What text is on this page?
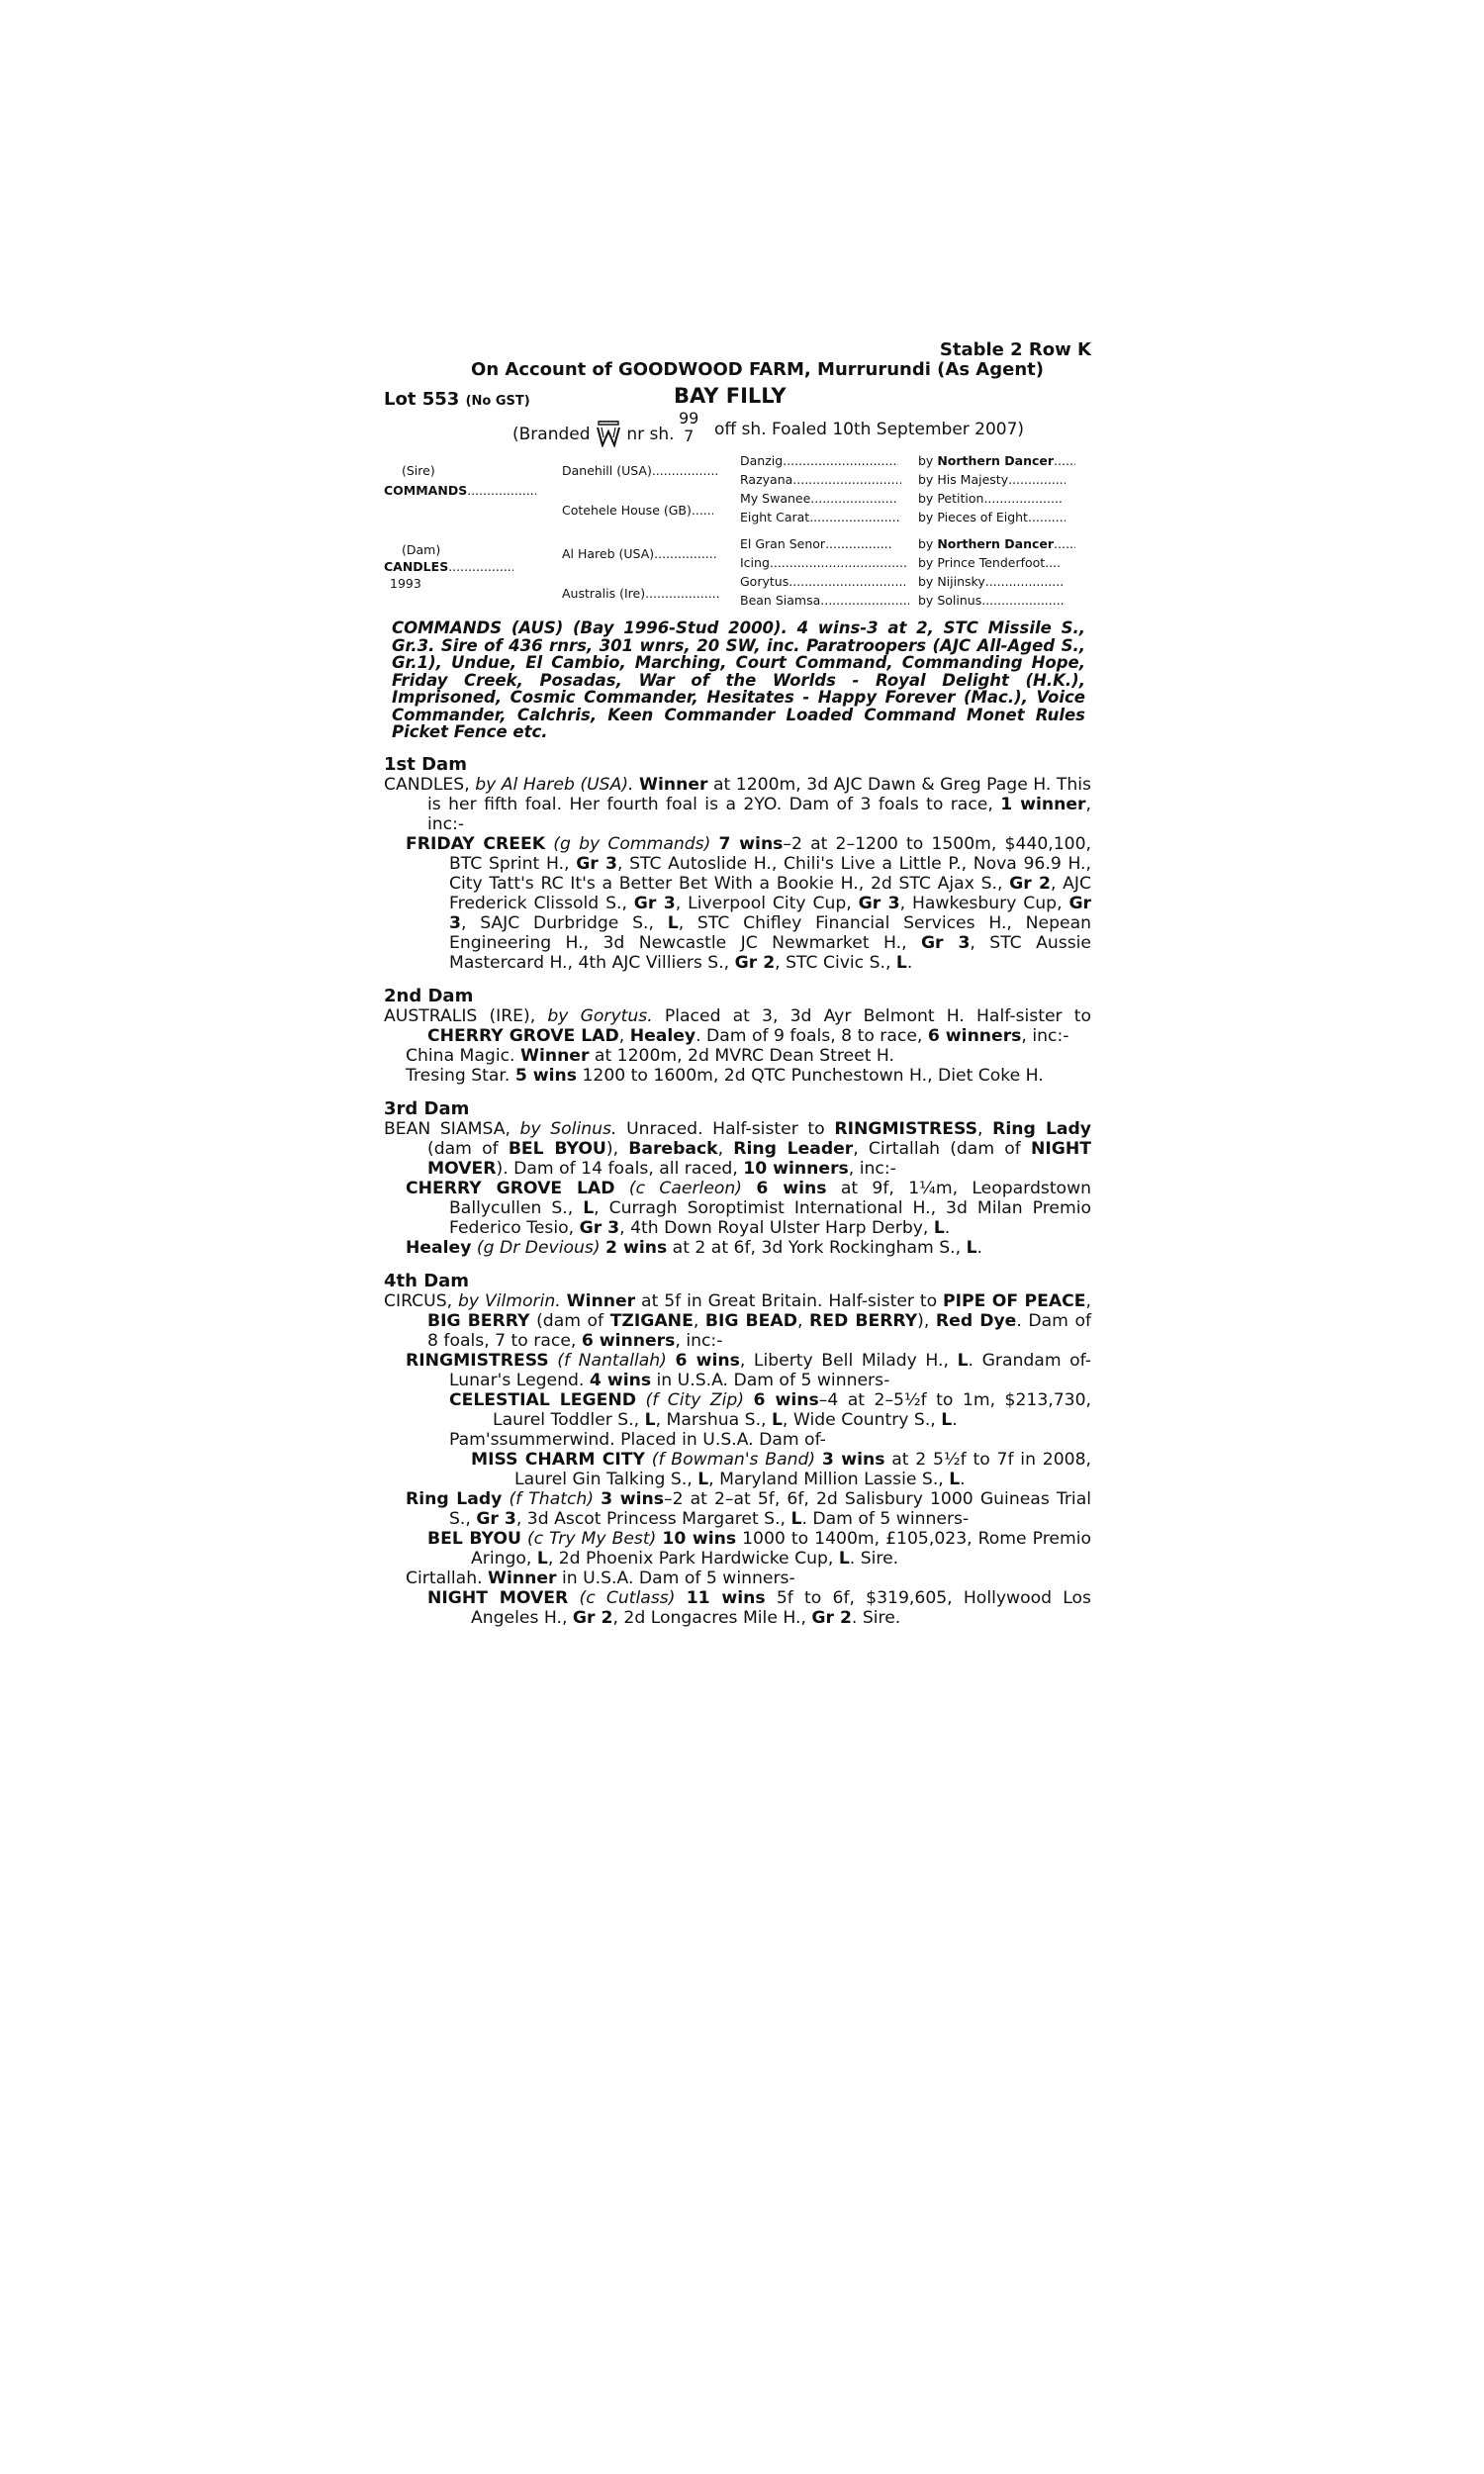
Stable 2 Row K
On Account of GOODWOOD FARM, Murrurundi (As Agent)
Lot 553 (No GST)	BAY FILLY
(Branded nr sh.
99
7 off sh. Foaled 10th September 2007)
(Sire)
COMMANDS.....
(Dam)
CANDLES.....
1993
Danehill (USA).....
Cotehele House (GB).....
Al Hareb (USA).....
Australis (Ire).....
Danzig.....
Razyana.....
My Swanee.....
Eight Carat.....
El Gran Senor.....
Icing.....
Gorytus.....
Bean Siamsa.....
by Northern Dancer.....
by His Majesty.....
by Petition.....
by Pieces of Eight.....
by Northern Dancer.....
by Prince Tenderfoot.....
by Nijinsky.....
by Solinus.....
COMMANDS (AUS) (Bay 1996-Stud 2000). 4 wins-3 at 2, STC Missile S., Gr.3. Sire of 436 rnrs, 301 wnrs, 20 SW, inc. Paratroopers (AJC All-Aged S., Gr.1), Undue, El Cambio, Marching, Court Command, Commanding Hope, Friday Creek, Posadas, War of the Worlds - Royal Delight (H.K.), Imprisoned, Cosmic Commander, Hesitates - Happy Forever (Mac.), Voice Commander, Calchris, Keen Commander Loaded Command Monet Rules Picket Fence etc.
1st Dam

CANDLES, by Al Hareb (USA). Winner at 1200m, 3d AJC Dawn & Greg Page H. This is her fifth foal. Her fourth foal is a 2YO. Dam of 3 foals to race, 1 winner, inc:-

FRIDAY CREEK (g by Commands) 7 wins–2 at 2–1200 to 1500m, $440,100, BTC Sprint H., Gr 3, STC Autoslide H., Chili's Live a Little P., Nova 96.9 H., City Tatt's RC It's a Better Bet With a Bookie H., 2d STC Ajax S., Gr 2, AJC Frederick Clissold S., Gr 3, Liverpool City Cup, Gr 3, Hawkesbury Cup, Gr 3, SAJC Durbridge S., L, STC Chifley Financial Services H., Nepean Engineering H., 3d Newcastle JC Newmarket H., Gr 3, STC Aussie Mastercard H., 4th AJC Villiers S., Gr 2, STC Civic S., L.

2nd Dam

AUSTRALIS (IRE), by Gorytus. Placed at 3, 3d Ayr Belmont H. Half-sister to CHERRY GROVE LAD, Healey. Dam of 9 foals, 8 to race, 6 winners, inc:-

China Magic. Winner at 1200m, 2d MVRC Dean Street H.

Tresing Star. 5 wins 1200 to 1600m, 2d QTC Punchestown H., Diet Coke H.

3rd Dam

BEAN SIAMSA, by Solinus. Unraced. Half-sister to RINGMISTRESS, Ring Lady (dam of BEL BYOU), Bareback, Ring Leader, Cirtallah (dam of NIGHT MOVER). Dam of 14 foals, all raced, 10 winners, inc:-

CHERRY GROVE LAD (c Caerleon) 6 wins at 9f, 1¼m, Leopardstown Ballycullen S., L, Curragh Soroptimist International H., 3d Milan Premio Federico Tesio, Gr 3, 4th Down Royal Ulster Harp Derby, L.

Healey (g Dr Devious) 2 wins at 2 at 6f, 3d York Rockingham S., L.

4th Dam

CIRCUS, by Vilmorin. Winner at 5f in Great Britain. Half-sister to PIPE OF PEACE, BIG BERRY (dam of TZIGANE, BIG BEAD, RED BERRY), Red Dye. Dam of 8 foals, 7 to race, 6 winners, inc:-

RINGMISTRESS (f Nantallah) 6 wins, Liberty Bell Milady H., L. Grandam of- Lunar's Legend. 4 wins in U.S.A. Dam of 5 winners-

CELESTIAL LEGEND (f City Zip) 6 wins–4 at 2–5½f to 1m, $213,730, Laurel Toddler S., L, Marshua S., L, Wide Country S., L.

Pam'ssummerwind. Placed in U.S.A. Dam of-

MISS CHARM CITY (f Bowman's Band) 3 wins at 2 5½f to 7f in 2008, Laurel Gin Talking S., L, Maryland Million Lassie S., L.

Ring Lady (f Thatch) 3 wins–2 at 2–at 5f, 6f, 2d Salisbury 1000 Guineas Trial S., Gr 3, 3d Ascot Princess Margaret S., L. Dam of 5 winners-

BEL BYOU (c Try My Best) 10 wins 1000 to 1400m, £105,023, Rome Premio Aringo, L, 2d Phoenix Park Hardwicke Cup, L. Sire.

Cirtallah. Winner in U.S.A. Dam of 5 winners-

NIGHT MOVER (c Cutlass) 11 wins 5f to 6f, $319,605, Hollywood Los Angeles H., Gr 2, 2d Longacres Mile H., Gr 2. Sire.
